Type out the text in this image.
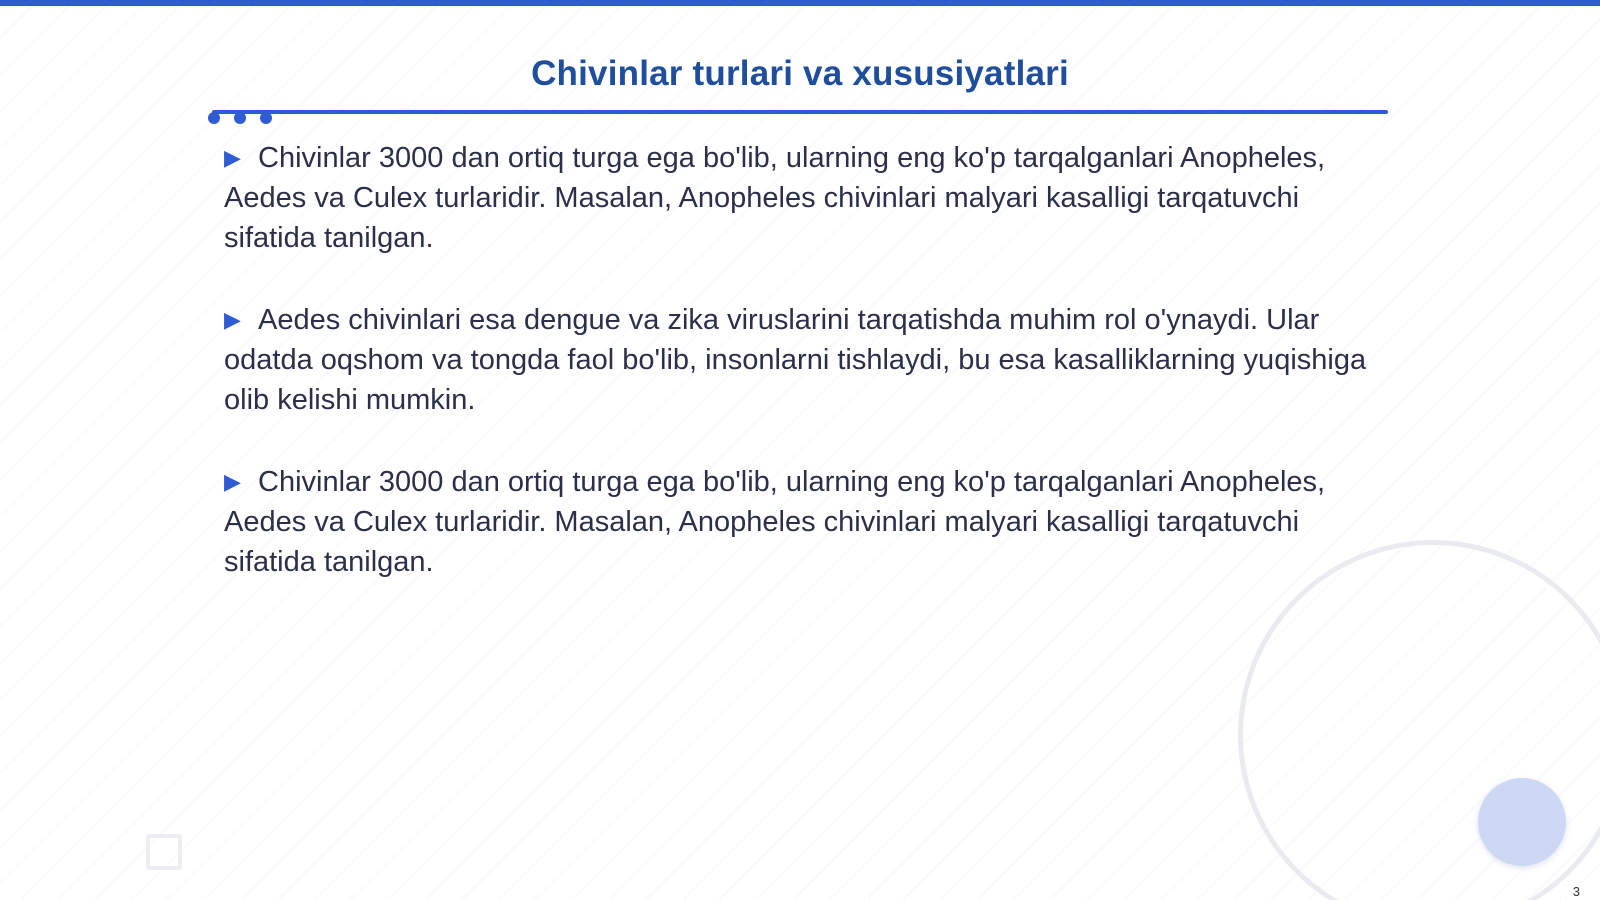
Chivinlar turlari va xususiyatlari
▶ Chivinlar 3000 dan ortiq turga ega bo'lib, ularning eng ko'p tarqalganlari Anopheles, Aedes va Culex turlaridir. Masalan, Anopheles chivinlari malyari kasalligi tarqatuvchi sifatida tanilgan.
▶ Aedes chivinlari esa dengue va zika viruslarini tarqatishda muhim rol o'ynaydi. Ular odatda oqshom va tongda faol bo'lib, insonlarni tishlaydi, bu esa kasalliklarning yuqishiga olib kelishi mumkin.
▶ Chivinlar 3000 dan ortiq turga ega bo'lib, ularning eng ko'p tarqalganlari Anopheles, Aedes va Culex turlaridir. Masalan, Anopheles chivinlari malyari kasalligi tarqatuvchi sifatida tanilgan.
3
